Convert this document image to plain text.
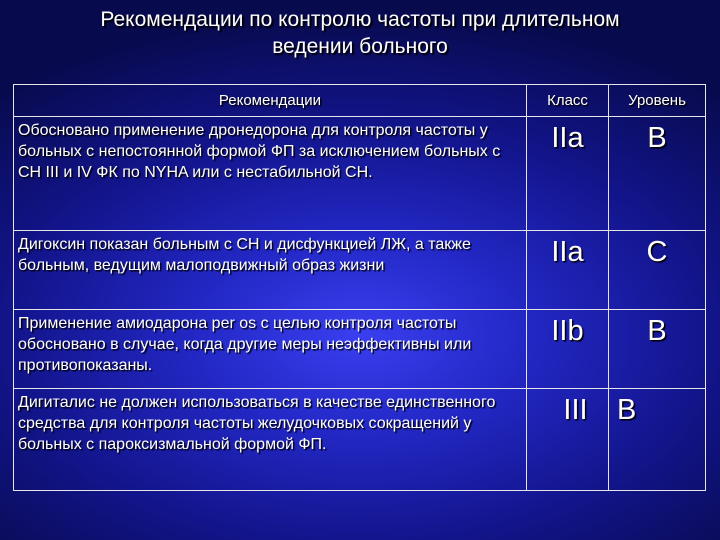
Рекомендации по контролю частоты при длительном
ведении больного
Рекомендации	Класс	Уровень
Обосновано применение дронедорона для контроля частоты у больных с непостоянной формой ФП за исключением больных с СН III и IV ФК по NYHA или с нестабильной СН.	IIa	B
Дигоксин показан больным с СН и дисфункцией ЛЖ, а также больным, ведущим малоподвижный образ жизни	IIa	C
Применение амиодарона per os с целью контроля частоты обосновано в случае, когда другие меры неэффективны или противопоказаны.	IIb	B
Дигиталис не должен использоваться в качестве единственного средства для контроля частоты желудочковых сокращений у больных с пароксизмальной формой ФП.	III	B
